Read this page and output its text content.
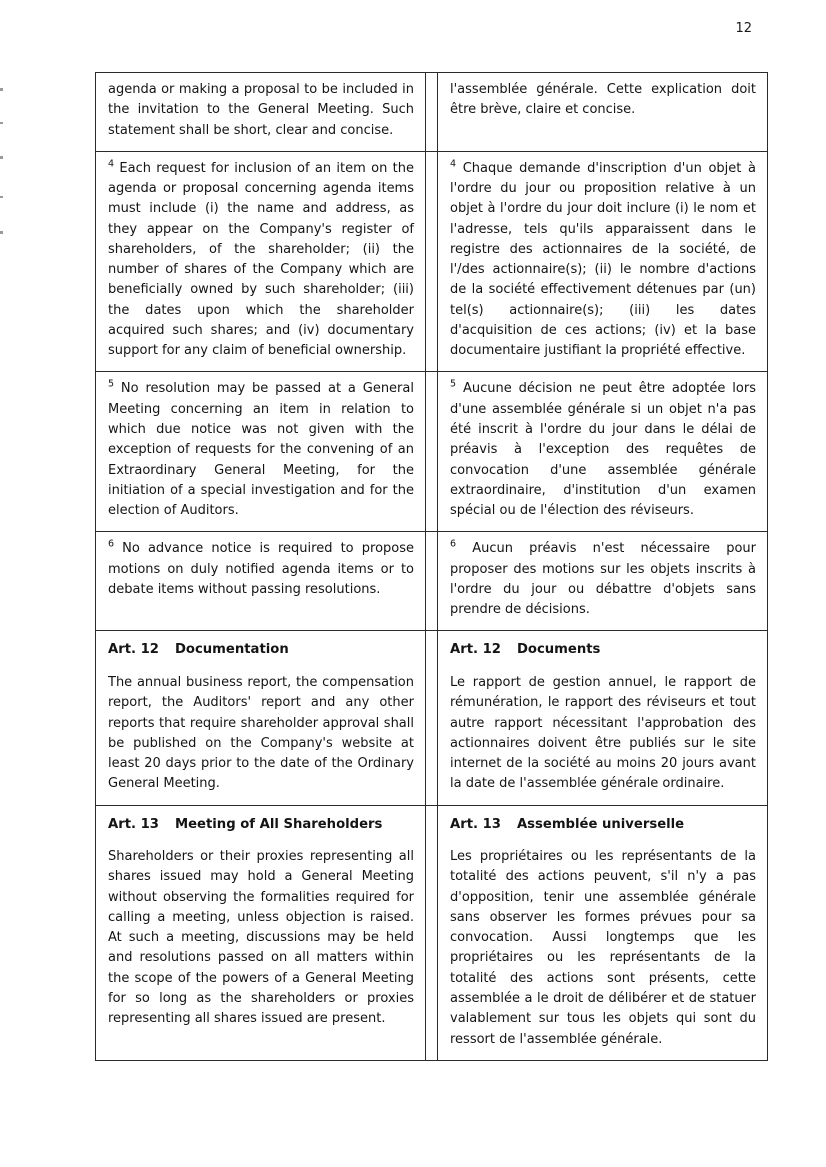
12

agenda or making a proposal to be included in the invitation to the General Meeting. Such statement shall be short, clear and concise.

l'assemblée générale. Cette explication doit être brève, claire et concise.

$^4$ Each request for inclusion of an item on the agenda or proposal concerning agenda items must include (i) the name and address, as they appear on the Company's register of shareholders, of the shareholder; (ii) the number of shares of the Company which are beneficially owned by such shareholder; (iii) the dates upon which the shareholder acquired such shares; and (iv) documentary support for any claim of beneficial ownership.

$^4$ Chaque demande d'inscription d'un objet à l'ordre du jour ou proposition relative à un objet à l'ordre du jour doit inclure (i) le nom et l'adresse, tels qu'ils apparaissent dans le registre des actionnaires de la société, de l'/des actionnaire(s); (ii) le nombre d'actions de la société effectivement détenues par (un) tel(s) actionnaire(s); (iii) les dates d'acquisition de ces actions; (iv) et la base documentaire justifiant la propriété effective.

$^5$ No resolution may be passed at a General Meeting concerning an item in relation to which due notice was not given with the exception of requests for the convening of an Extraordinary General Meeting, for the initiation of a special investigation and for the election of Auditors.

$^5$ Aucune décision ne peut être adoptée lors d'une assemblée générale si un objet n'a pas été inscrit à l'ordre du jour dans le délai de préavis à l'exception des requêtes de convocation d'une assemblée générale extraordinaire, d'institution d'un examen spécial ou de l'élection des réviseurs.

$^6$ No advance notice is required to propose motions on duly notified agenda items or to debate items without passing resolutions.

$^6$ Aucun préavis n'est nécessaire pour proposer des motions sur les objets inscrits à l'ordre du jour ou débattre d'objets sans prendre de décisions.

Art. 12 Documentation

The annual business report, the compensation report, the Auditors' report and any other reports that require shareholder approval shall be published on the Company's website at least 20 days prior to the date of the Ordinary General Meeting.

Art. 12 Documents

Le rapport de gestion annuel, le rapport de rémunération, le rapport des réviseurs et tout autre rapport nécessitant l'approbation des actionnaires doivent être publiés sur le site internet de la société au moins 20 jours avant la date de l'assemblée générale ordinaire.

Art. 13 Meeting of All Shareholders

Shareholders or their proxies representing all shares issued may hold a General Meeting without observing the formalities required for calling a meeting, unless objection is raised. At such a meeting, discussions may be held and resolutions passed on all matters within the scope of the powers of a General Meeting for so long as the shareholders or proxies representing all shares issued are present.

Art. 13 Assemblée universelle

Les propriétaires ou les représentants de la totalité des actions peuvent, s'il n'y a pas d'opposition, tenir une assemblée générale sans observer les formes prévues pour sa convocation. Aussi longtemps que les propriétaires ou les représentants de la totalité des actions sont présents, cette assemblée a le droit de délibérer et de statuer valablement sur tous les objets qui sont du ressort de l'assemblée générale.
